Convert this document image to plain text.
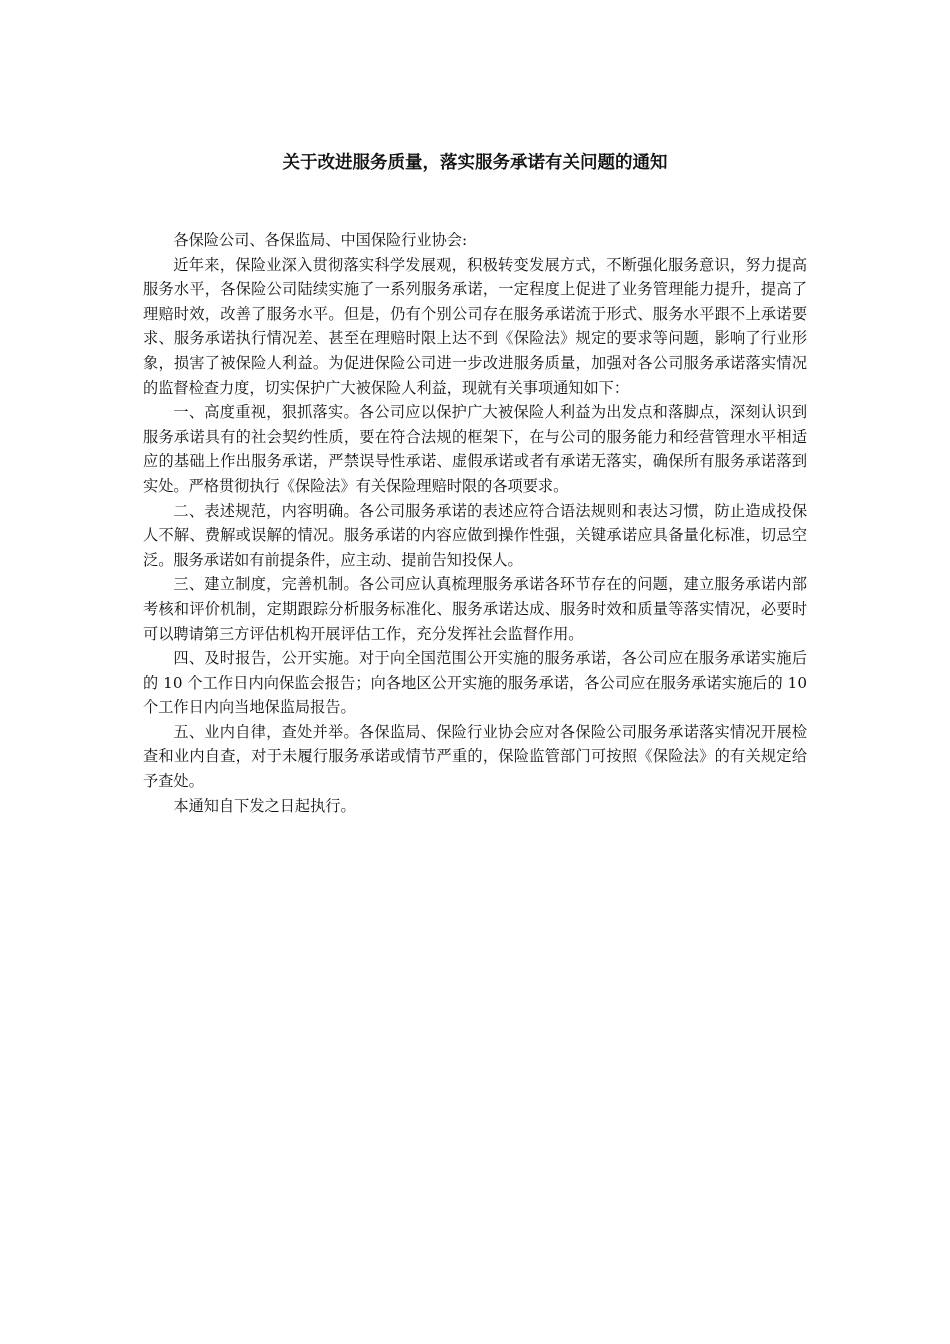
关于改进服务质量，落实服务承诺有关问题的通知

各保险公司、各保监局、中国保险行业协会:

近年来，保险业深入贯彻落实科学发展观，积极转变发展方式，不断强化服务意识，努力提高服务水平，各保险公司陆续实施了一系列服务承诺，一定程度上促进了业务管理能力提升，提高了理赔时效，改善了服务水平。但是，仍有个别公司存在服务承诺流于形式、服务水平跟不上承诺要求、服务承诺执行情况差、甚至在理赔时限上达不到《保险法》规定的要求等问题，影响了行业形象，损害了被保险人利益。为促进保险公司进一步改进服务质量，加强对各公司服务承诺落实情况的监督检查力度，切实保护广大被保险人利益，现就有关事项通知如下：

一、高度重视，狠抓落实。各公司应以保护广大被保险人利益为出发点和落脚点，深刻认识到服务承诺具有的社会契约性质，要在符合法规的框架下，在与公司的服务能力和经营管理水平相适应的基础上作出服务承诺，严禁误导性承诺、虚假承诺或者有承诺无落实，确保所有服务承诺落到实处。严格贯彻执行《保险法》有关保险理赔时限的各项要求。

二、表述规范，内容明确。各公司服务承诺的表述应符合语法规则和表达习惯，防止造成投保人不解、费解或误解的情况。服务承诺的内容应做到操作性强，关键承诺应具备量化标准，切忌空泛。服务承诺如有前提条件，应主动、提前告知投保人。

三、建立制度，完善机制。各公司应认真梳理服务承诺各环节存在的问题，建立服务承诺内部考核和评价机制，定期跟踪分析服务标准化、服务承诺达成、服务时效和质量等落实情况，必要时可以聘请第三方评估机构开展评估工作，充分发挥社会监督作用。

四、及时报告，公开实施。对于向全国范围公开实施的服务承诺，各公司应在服务承诺实施后的 10 个工作日内向保监会报告；向各地区公开实施的服务承诺，各公司应在服务承诺实施后的 10 个工作日内向当地保监局报告。

五、业内自律，查处并举。各保监局、保险行业协会应对各保险公司服务承诺落实情况开展检查和业内自查，对于未履行服务承诺或情节严重的，保险监管部门可按照《保险法》的有关规定给予查处。

本通知自下发之日起执行。
